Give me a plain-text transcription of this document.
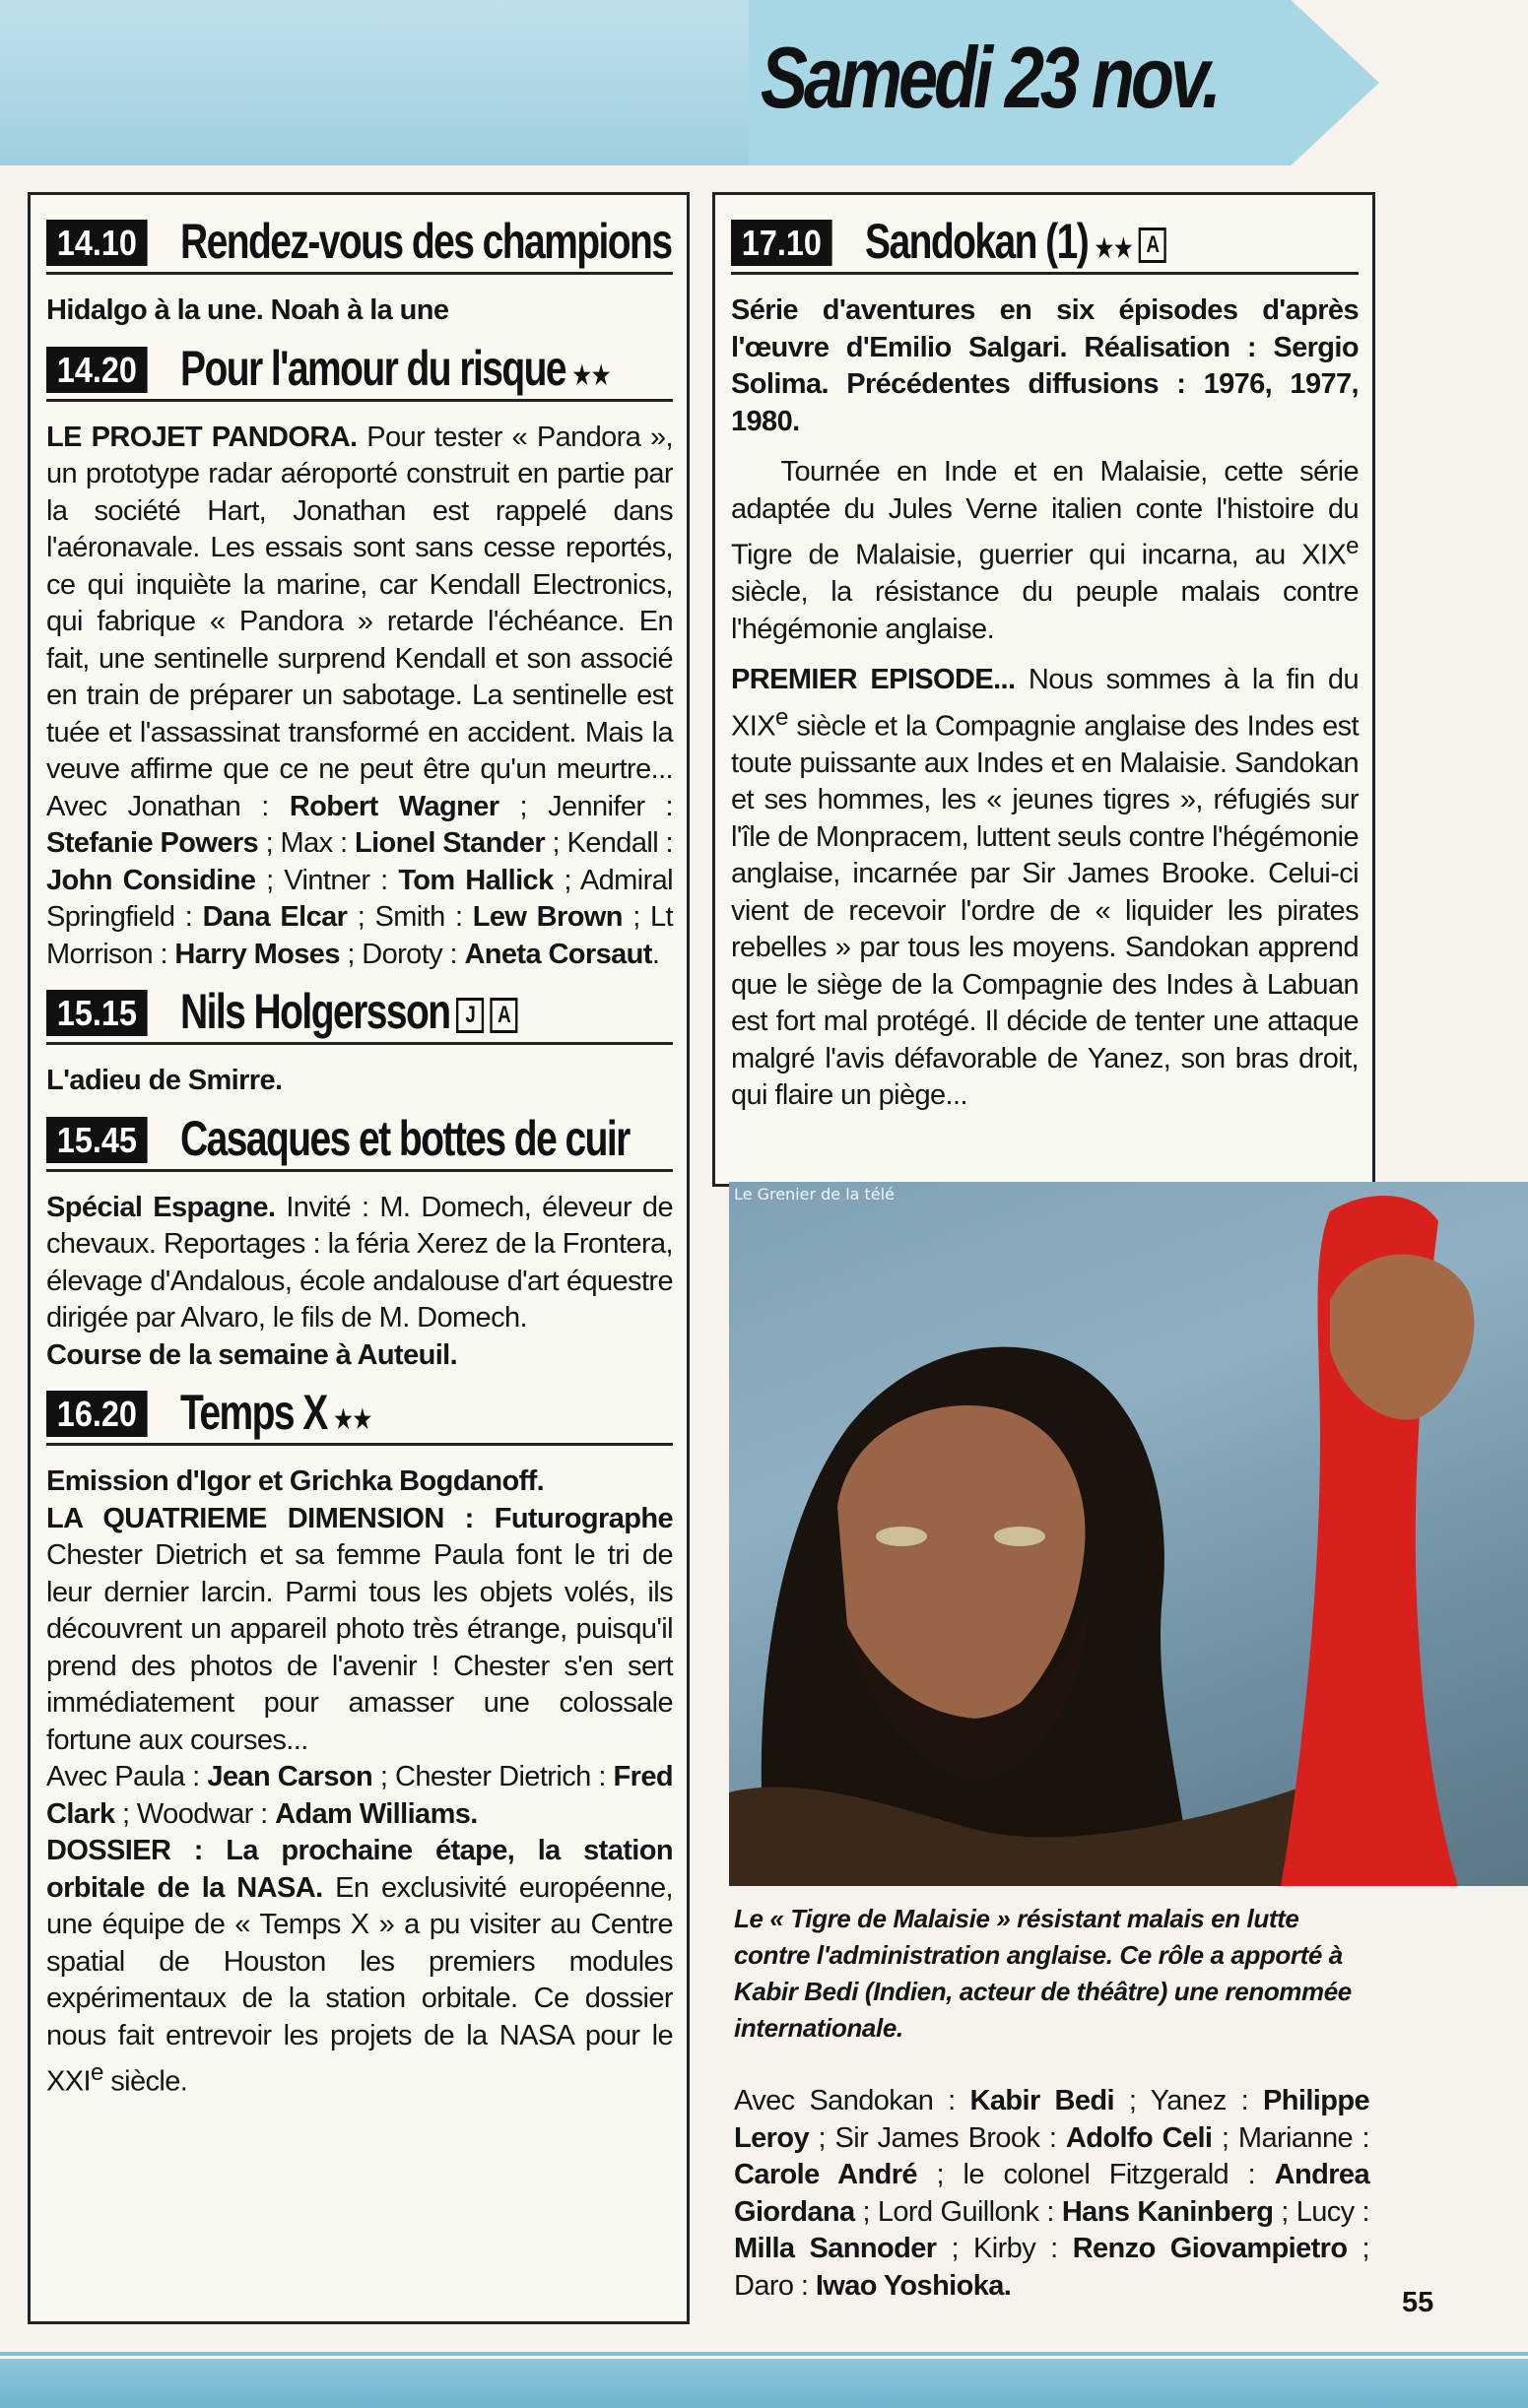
Samedi 23 nov.
14.10 Rendez-vous des champions

Hidalgo à la une. Noah à la une

14.20 Pour l'amour du risque ★★

LE PROJET PANDORA. Pour tester « Pandora », un prototype radar aéroporté construit en partie par la société Hart, Jonathan est rappelé dans l'aéronavale. Les essais sont sans cesse reportés, ce qui inquiète la marine, car Kendall Electronics, qui fabrique « Pandora » retarde l'échéance. En fait, une sentinelle surprend Kendall et son associé en train de préparer un sabotage. La sentinelle est tuée et l'assassinat transformé en accident. Mais la veuve affirme que ce ne peut être qu'un meurtre... Avec Jonathan : Robert Wagner ; Jennifer : Stefanie Powers ; Max : Lionel Stander ; Kendall : John Considine ; Vintner : Tom Hallick ; Admiral Springfield : Dana Elcar ; Smith : Lew Brown ; Lt Morrison : Harry Moses ; Doroty : Aneta Corsaut.

15.15 Nils Holgersson J A

L'adieu de Smirre.

15.45 Casaques et bottes de cuir

Spécial Espagne. Invité : M. Domech, éleveur de chevaux. Reportages : la féria Xerez de la Frontera, élevage d'Andalous, école andalouse d'art équestre dirigée par Alvaro, le fils de M. Domech.
Course de la semaine à Auteuil.

16.20 Temps X ★★

Emission d'Igor et Grichka Bogdanoff.
LA QUATRIEME DIMENSION : Futurographe Chester Dietrich et sa femme Paula font le tri de leur dernier larcin. Parmi tous les objets volés, ils découvrent un appareil photo très étrange, puisqu'il prend des photos de l'avenir ! Chester s'en sert immédiatement pour amasser une colossale fortune aux courses...
Avec Paula : Jean Carson ; Chester Dietrich : Fred Clark ; Woodwar : Adam Williams.
DOSSIER : La prochaine étape, la station orbitale de la NASA. En exclusivité européenne, une équipe de « Temps X » a pu visiter au Centre spatial de Houston les premiers modules expérimentaux de la station orbitale. Ce dossier nous fait entrevoir les projets de la NASA pour le XXIe siècle.

17.10 Sandokan (1) ★★ A

Série d'aventures en six épisodes d'après l'œuvre d'Emilio Salgari. Réalisation : Sergio Solima. Précédentes diffusions : 1976, 1977, 1980.

Tournée en Inde et en Malaisie, cette série adaptée du Jules Verne italien conte l'histoire du Tigre de Malaisie, guerrier qui incarna, au XIXe siècle, la résistance du peuple malais contre l'hégémonie anglaise.

PREMIER EPISODE... Nous sommes à la fin du XIXe siècle et la Compagnie anglaise des Indes est toute puissante aux Indes et en Malaisie. Sandokan et ses hommes, les « jeunes tigres », réfugiés sur l'île de Monpracem, luttent seuls contre l'hégémonie anglaise, incarnée par Sir James Brooke. Celui-ci vient de recevoir l'ordre de « liquider les pirates rebelles » par tous les moyens. Sandokan apprend que le siège de la Compagnie des Indes à Labuan est fort mal protégé. Il décide de tenter une attaque malgré l'avis défavorable de Yanez, son bras droit, qui flaire un piège...

Le Grenier de la télé
Le « Tigre de Malaisie » résistant malais en lutte contre l'administration anglaise. Ce rôle a apporté à Kabir Bedi (Indien, acteur de théâtre) une renommée internationale.
Avec Sandokan : Kabir Bedi ; Yanez : Philippe Leroy ; Sir James Brook : Adolfo Celi ; Marianne : Carole André ; le colonel Fitzgerald : Andrea Giordana ; Lord Guillonk : Hans Kaninberg ; Lucy : Milla Sannoder ; Kirby : Renzo Giovampietro ; Daro : Iwao Yoshioka.
55
